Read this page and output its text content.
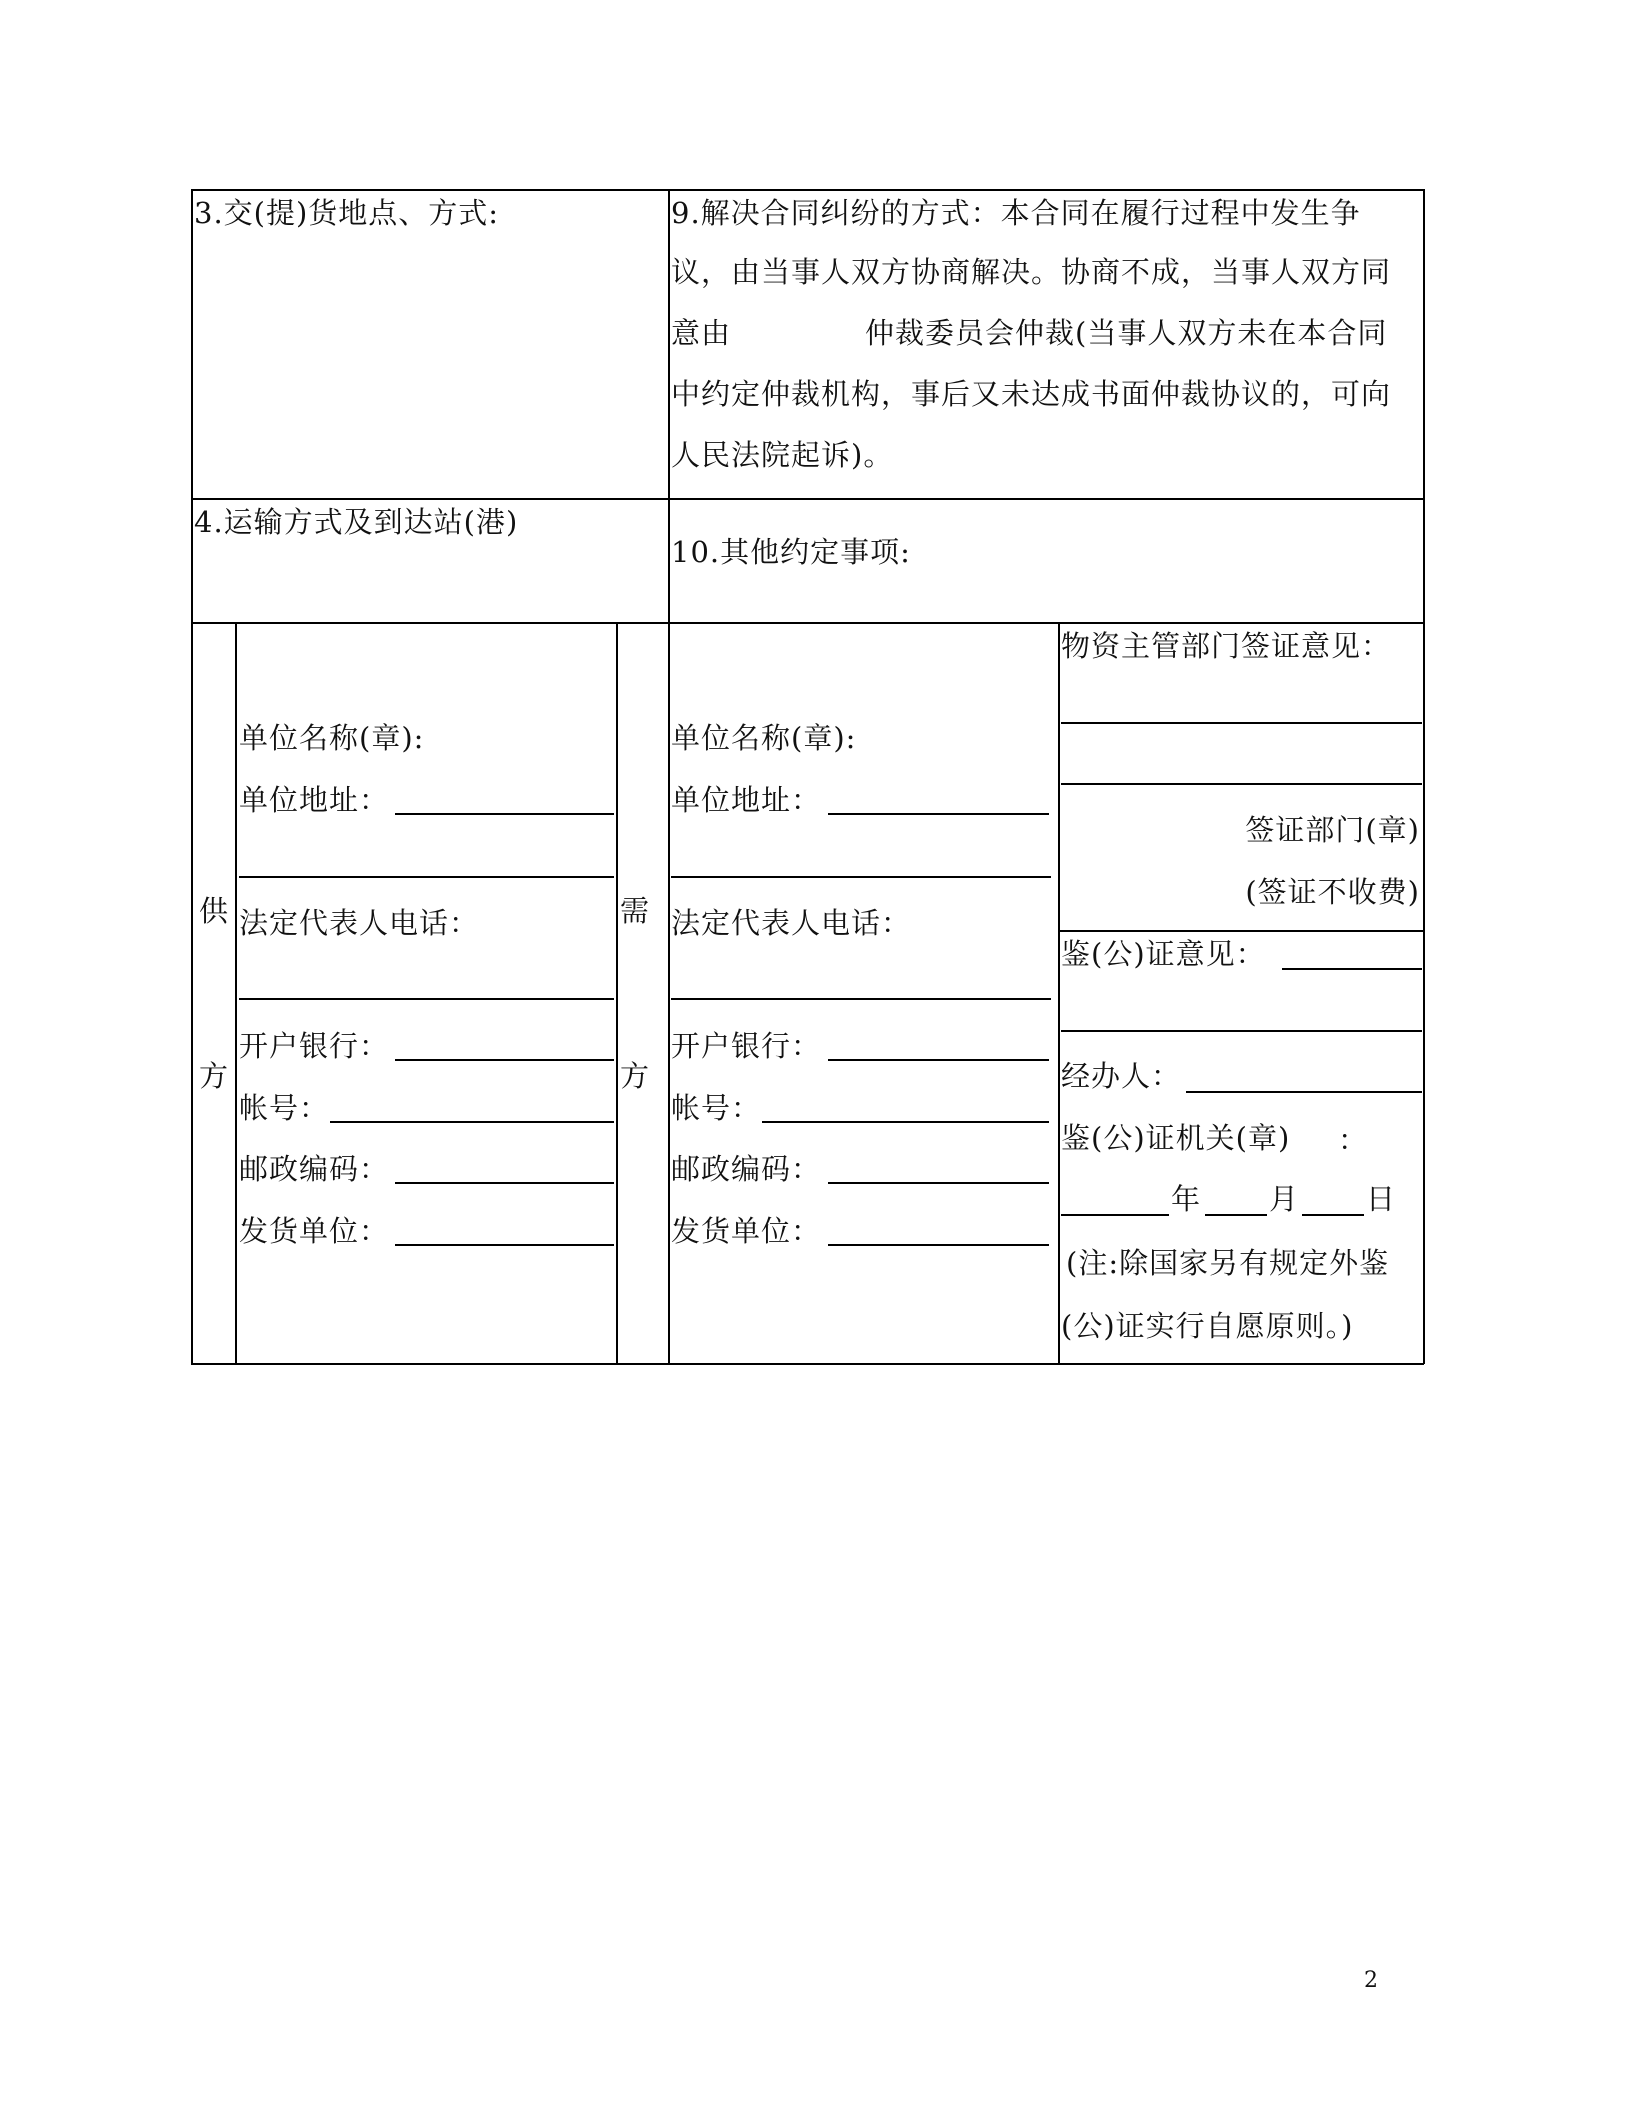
3.交(提)货地点、方式:	9.解决合同纠纷的方式：本合同在履行过程中发生争
议，由当事人双方协商解决。协商不成，当事人双方同
意由	仲裁委员会仲裁(当事人双方未在本合同
中约定仲裁机构，事后又未达成书面仲裁协议的，可向
人民法院起诉)。
4.运输方式及到达站(港)
10.其他约定事项:
供
方
单位名称(章):
单位地址：
法定代表人电话：
开户银行：
帐号：
邮政编码：
发货单位：
需
方
单位名称(章):
单位地址：
法定代表人电话：
开户银行：
帐号：
邮政编码：
发货单位：
物资主管部门签证意见：
签证部门(章)
(签证不收费)
鉴(公)证意见：
经办人：
鉴(公)证机关(章) ：
年 月 日
(注:除国家另有规定外鉴
(公)证实行自愿原则。)
2
